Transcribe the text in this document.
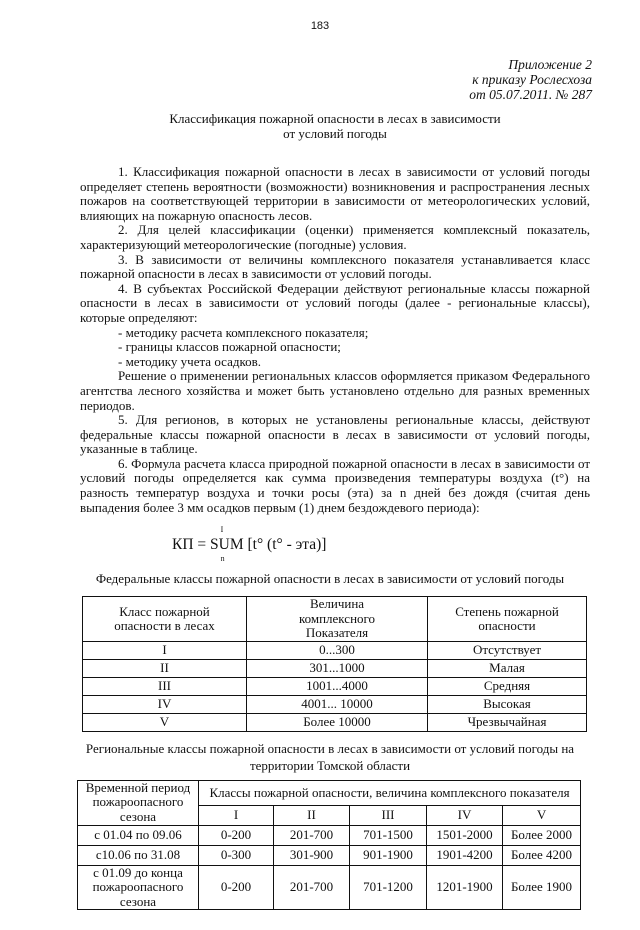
183
Приложение 2
к приказу Рослесхоза
от 05.07.2011. № 287
Классификация пожарной опасности в лесах в зависимости
от условий погоды

1. Классификация пожарной опасности в лесах в зависимости от условий погоды определяет степень вероятности (возможности) возникновения и распространения лесных пожаров на соответствующей территории в зависимости от метеорологических условий, влияющих на пожарную опасность лесов.

2. Для целей классификации (оценки) применяется комплексный показатель, характеризующий метеорологические (погодные) условия.

3. В зависимости от величины комплексного показателя устанавливается класс пожарной опасности в лесах в зависимости от условий погоды.

4. В субъектах Российской Федерации действуют региональные классы пожарной опасности в лесах в зависимости от условий погоды (далее - региональные классы), которые определяют:

- методику расчета комплексного показателя;

- границы классов пожарной опасности;

- методику учета осадков.

Решение о применении региональных классов оформляется приказом Федерального агентства лесного хозяйства и может быть установлено отдельно для разных временных периодов.

5. Для регионов, в которых не установлены региональные классы, действуют федеральные классы пожарной опасности в лесах в зависимости от условий погоды, указанные в таблице.

6. Формула расчета класса природной пожарной опасности в лесах в зависимости от условий погоды определяется как сумма произведения температуры воздуха (t°) на разность температур воздуха и точки росы (эта) за n дней без дождя (считая день выпадения более 3 мм осадков первым (1) днем бездождевого периода):

КП = SU
I
n
M [t° (t° - эта)]
Федеральные классы пожарной опасности в лесах в зависимости от условий погоды
Класс пожарной опасности в лесах	Величина комплексного Показателя	Степень пожарной опасности
I	0...300	Отсутствует
II	301...1000	Малая
III	1001...4000	Средняя
IV	4001... 10000	Высокая
V	Более 10000	Чрезвычайная
Региональные классы пожарной опасности в лесах в зависимости от условий погоды на
территории Томской области
Временной период пожароопасного сезона	Классы пожарной опасности, величина комплексного показателя				
	I	II	III	IV	V
с 01.04 по 09.06	0-200	201-700	701-1500	1501-2000	Более 2000
с10.06 по 31.08	0-300	301-900	901-1900	1901-4200	Более 4200
с 01.09 до конца пожароопасного сезона	0-200	201-700	701-1200	1201-1900	Более 1900
